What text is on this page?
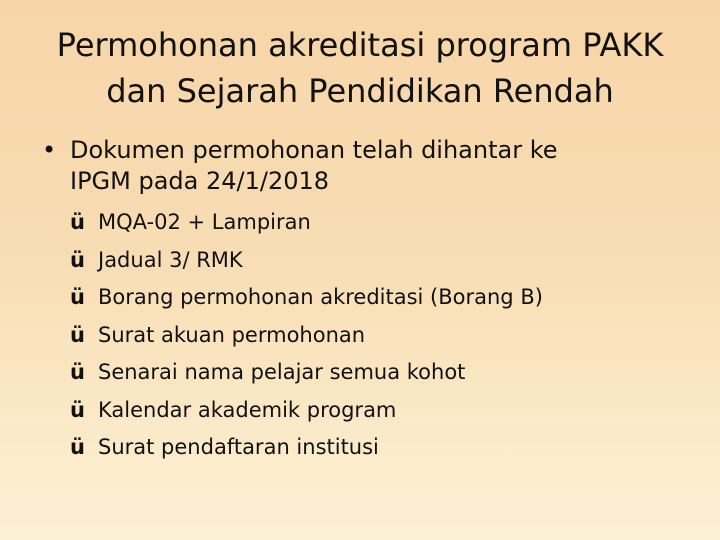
Permohonan akreditasi program PAKK
dan Sejarah Pendidikan Rendah
• Dokumen permohonan telah dihantar ke
IPGM pada 24/1/2018
ü MQA-02 + Lampiran
ü Jadual 3/ RMK
ü Borang permohonan akreditasi (Borang B)
ü Surat akuan permohonan
ü Senarai nama pelajar semua kohot
ü Kalendar akademik program
ü Surat pendaftaran institusi
